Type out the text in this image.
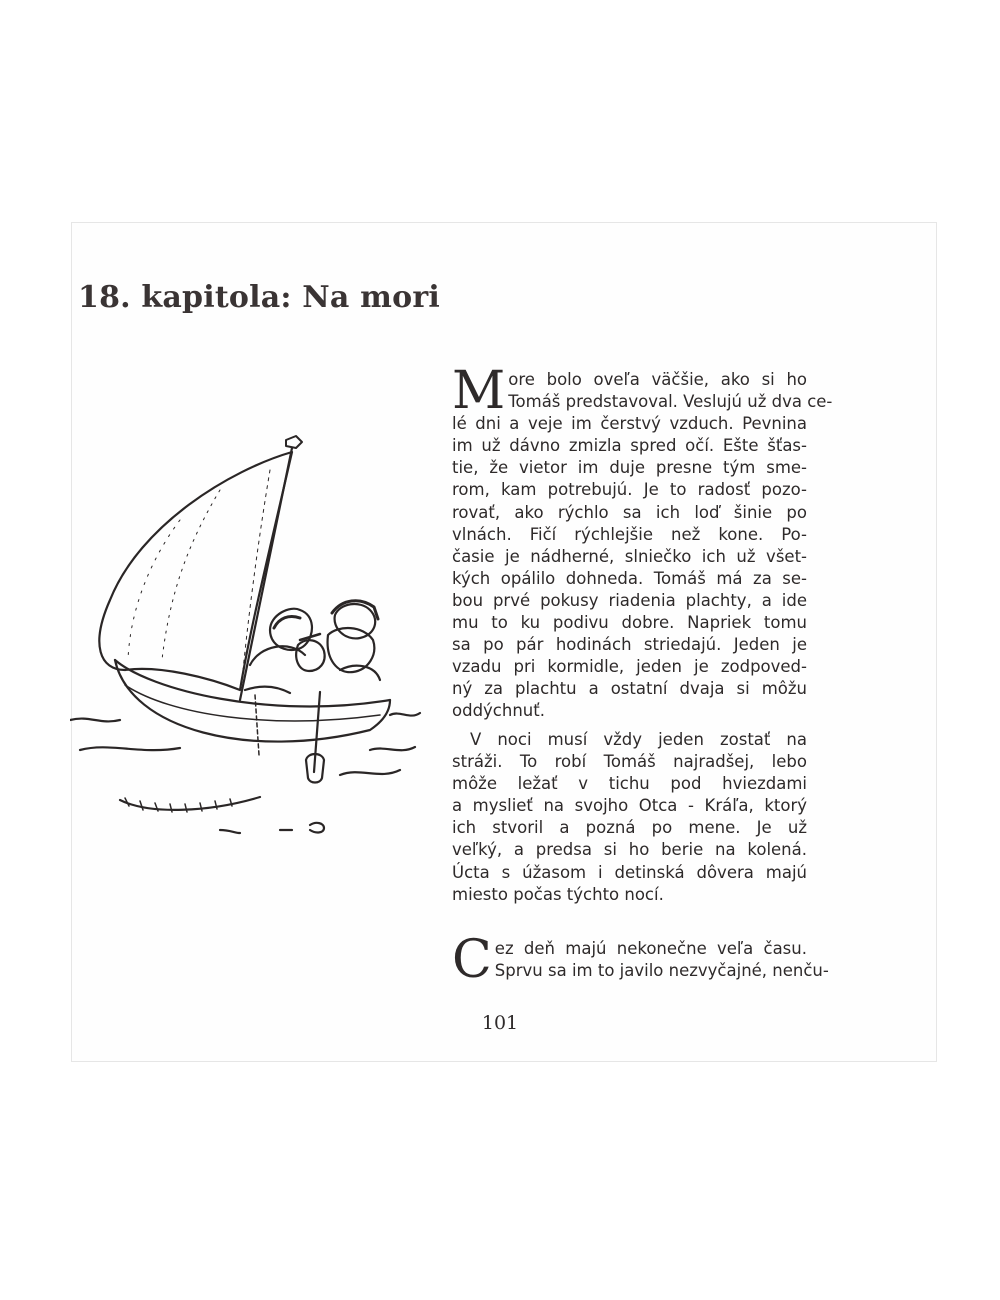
18. kapitola: Na mori
M ore bolo oveľa väčšie, ako si ho
Tomáš predstavoval. Veslujú už dva ce-
lé dni a veje im čerstvý vzduch. Pevnina
im už dávno zmizla spred očí. Ešte šťas-
tie, že vietor im duje presne tým sme-
rom, kam potrebujú. Je to radosť pozo-
rovať, ako rýchlo sa ich loď šinie po
vlnách. Fičí rýchlejšie než kone. Po-
časie je nádherné, slniečko ich už všet-
kých opálilo dohneda. Tomáš má za se-
bou prvé pokusy riadenia plachty, a ide
mu to ku podivu dobre. Napriek tomu
sa po pár hodinách striedajú. Jeden je
vzadu pri kormidle, jeden je zodpoved-
ný za plachtu a ostatní dvaja si môžu
oddýchnuť.
V noci musí vždy jeden zostať na
stráži. To robí Tomáš najradšej, lebo
môže ležať v tichu pod hviezdami
a myslieť na svojho Otca - Kráľa, ktorý
ich stvoril a pozná po mene. Je už
veľký, a predsa si ho berie na kolená.
Úcta s úžasom i detinská dôvera majú
miesto počas týchto nocí.
C ez deň majú nekonečne veľa času.
Sprvu sa im to javilo nezvyčajné, nenču-
101
